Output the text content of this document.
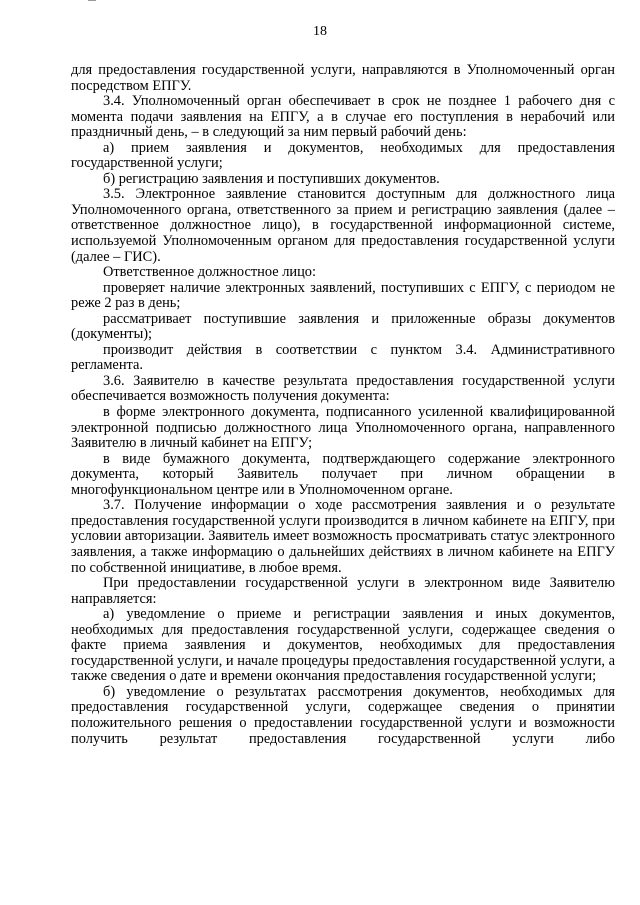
18

для предоставления государственной услуги, направляются в Уполномоченный орган посредством ЕПГУ.

3.4. Уполномоченный орган обеспечивает в срок не позднее 1 рабочего дня с момента подачи заявления на ЕПГУ, а в случае его поступления в нерабочий или праздничный день, – в следующий за ним первый рабочий день:

а) прием заявления и документов, необходимых для предоставления государственной услуги;

б) регистрацию заявления и поступивших документов.

3.5. Электронное заявление становится доступным для должностного лица Уполномоченного органа, ответственного за прием и регистрацию заявления (далее – ответственное должностное лицо), в государственной информационной системе, используемой Уполномоченным органом для предоставления государственной услуги (далее – ГИС).

Ответственное должностное лицо:

проверяет наличие электронных заявлений, поступивших с ЕПГУ, с периодом не реже 2 раз в день;

рассматривает поступившие заявления и приложенные образы документов (документы);

производит действия в соответствии с пунктом 3.4. Административного регламента.

3.6. Заявителю в качестве результата предоставления государственной услуги обеспечивается возможность получения документа:

в форме электронного документа, подписанного усиленной квалифицированной электронной подписью должностного лица Уполномоченного органа, направленного Заявителю в личный кабинет на ЕПГУ;

в виде бумажного документа, подтверждающего содержание электронного документа, который Заявитель получает при личном обращении в многофункциональном центре или в Уполномоченном органе.

3.7. Получение информации о ходе рассмотрения заявления и о результате предоставления государственной услуги производится в личном кабинете на ЕПГУ, при условии авторизации. Заявитель имеет возможность просматривать статус электронного заявления, а также информацию о дальнейших действиях в личном кабинете на ЕПГУ по собственной инициативе, в любое время.

При предоставлении государственной услуги в электронном виде Заявителю направляется:

а) уведомление о приеме и регистрации заявления и иных документов, необходимых для предоставления государственной услуги, содержащее сведения о факте приема заявления и документов, необходимых для предоставления государственной услуги, и начале процедуры предоставления государственной услуги, а также сведения о дате и времени окончания предоставления государственной услуги;

б) уведомление о результатах рассмотрения документов, необходимых для предоставления государственной услуги, содержащее сведения о принятии положительного решения о предоставлении государственной услуги и возможности получить результат предоставления государственной услуги либо
